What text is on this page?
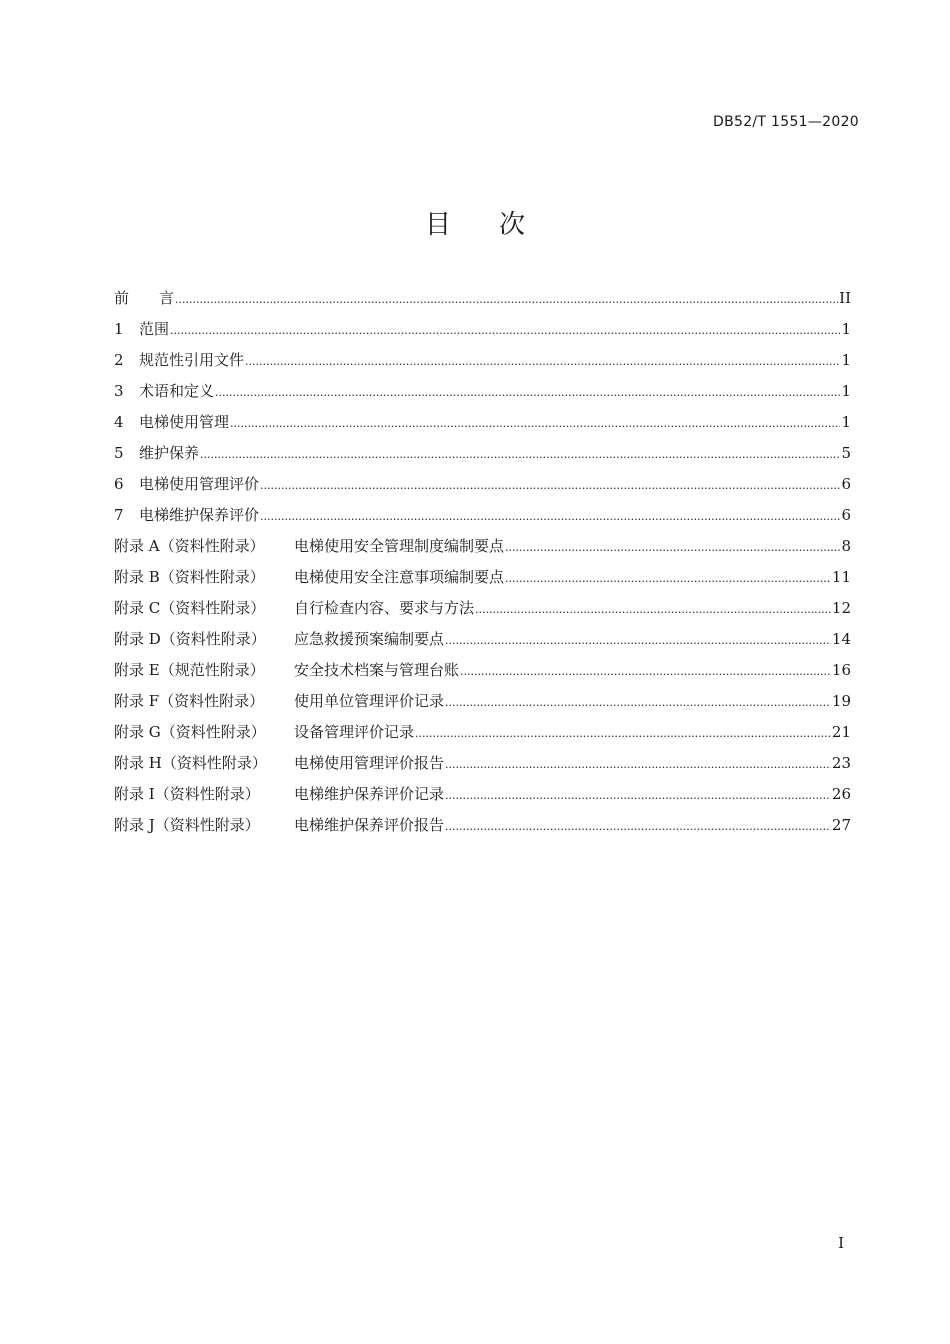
DB52/T 1551—2020
目 次
前 言 .....	II
1	范围 .....	1
2	规范性引用文件 .....	1
3	术语和定义 .....	1
4	电梯使用管理 .....	1
5	维护保养 .....	5
6	电梯使用管理评价 .....	6
7	电梯维护保养评价 .....	6
附录 A（资料性附录）	电梯使用安全管理制度编制要点 .....	8
附录 B（资料性附录）	电梯使用安全注意事项编制要点 .....	11
附录 C（资料性附录）	自行检查内容、要求与方法 .....	12
附录 D（资料性附录）	应急救援预案编制要点 .....	14
附录 E（规范性附录）	安全技术档案与管理台账 .....	16
附录 F（资料性附录）	使用单位管理评价记录 .....	19
附录 G（资料性附录）	设备管理评价记录 .....	21
附录 H（资料性附录）	电梯使用管理评价报告 .....	23
附录 I（资料性附录）	电梯维护保养评价记录 .....	26
附录 J（资料性附录）	电梯维护保养评价报告 .....	27
I
